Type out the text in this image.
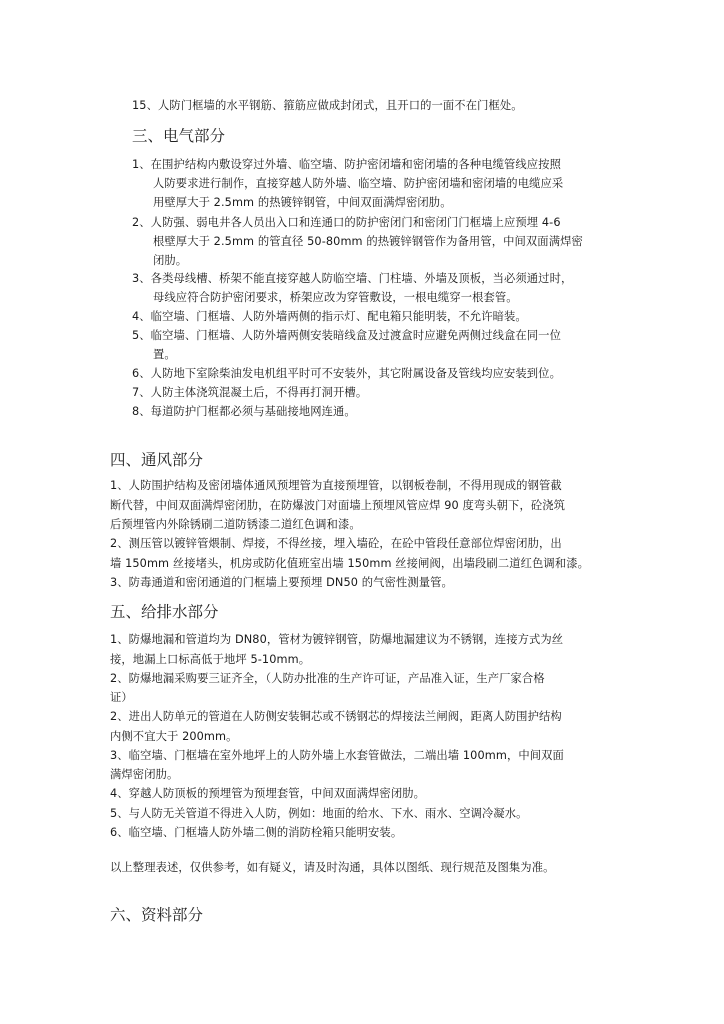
15、人防门框墙的水平钢筋、箍筋应做成封闭式，且开口的一面不在门框处。
三、电气部分
1、在围护结构内敷设穿过外墙、临空墙、防护密闭墙和密闭墙的各种电缆管线应按照
人防要求进行制作，直接穿越人防外墙、临空墙、防护密闭墙和密闭墙的电缆应采
用壁厚大于 2.5mm 的热镀锌钢管，中间双面满焊密闭肋。
2、人防强、弱电井各人员出入口和连通口的防护密闭门和密闭门门框墙上应预埋 4-6
根壁厚大于 2.5mm 的管直径 50-80mm 的热镀锌钢管作为备用管，中间双面满焊密
闭肋。
3、各类母线槽、桥架不能直接穿越人防临空墙、门柱墙、外墙及顶板，当必须通过时，
母线应符合防护密闭要求，桥架应改为穿管敷设，一根电缆穿一根套管。
4、临空墙、门框墙、人防外墙两侧的指示灯、配电箱只能明装，不允许暗装。
5、临空墙、门框墙、人防外墙两侧安装暗线盒及过渡盒时应避免两侧过线盒在同一位
置。
6、人防地下室除柴油发电机组平时可不安装外，其它附属设备及管线均应安装到位。
7、人防主体浇筑混凝土后，不得再打洞开槽。
8、每道防护门框都必须与基础接地网连通。
四、通风部分
1、人防围护结构及密闭墙体通风预埋管为直接预埋管，以钢板卷制，不得用现成的钢管截
断代替，中间双面满焊密闭肋，在防爆波门对面墙上预埋风管应焊 90 度弯头朝下，砼浇筑
后预埋管内外除锈刷二道防锈漆二道红色调和漆。
2、测压管以镀锌管煨制、焊接，不得丝接，埋入墙砼，在砼中管段任意部位焊密闭肋，出
墙 150mm 丝接堵头，机房或防化值班室出墙 150mm 丝接闸阀，出墙段刷二道红色调和漆。
3、防毒通道和密闭通道的门框墙上要预埋 DN50 的气密性测量管。
五、给排水部分
1、防爆地漏和管道均为 DN80，管材为镀锌钢管，防爆地漏建议为不锈钢，连接方式为丝
接，地漏上口标高低于地坪 5-10mm。
2、防爆地漏采购要三证齐全，（人防办批准的生产许可证，产品准入证，生产厂家合格
证）
2、进出人防单元的管道在人防侧安装铜芯或不锈钢芯的焊接法兰闸阀，距离人防围护结构
内侧不宜大于 200mm。
3、临空墙、门框墙在室外地坪上的人防外墙上水套管做法，二端出墙 100mm，中间双面
满焊密闭肋。
4、穿越人防顶板的预埋管为预埋套管，中间双面满焊密闭肋。
5、与人防无关管道不得进入人防，例如：地面的给水、下水、雨水、空调冷凝水。
6、临空墙、门框墙人防外墙二侧的消防栓箱只能明安装。
以上整理表述，仅供参考，如有疑义，请及时沟通，具体以图纸、现行规范及图集为准。
六、资料部分
